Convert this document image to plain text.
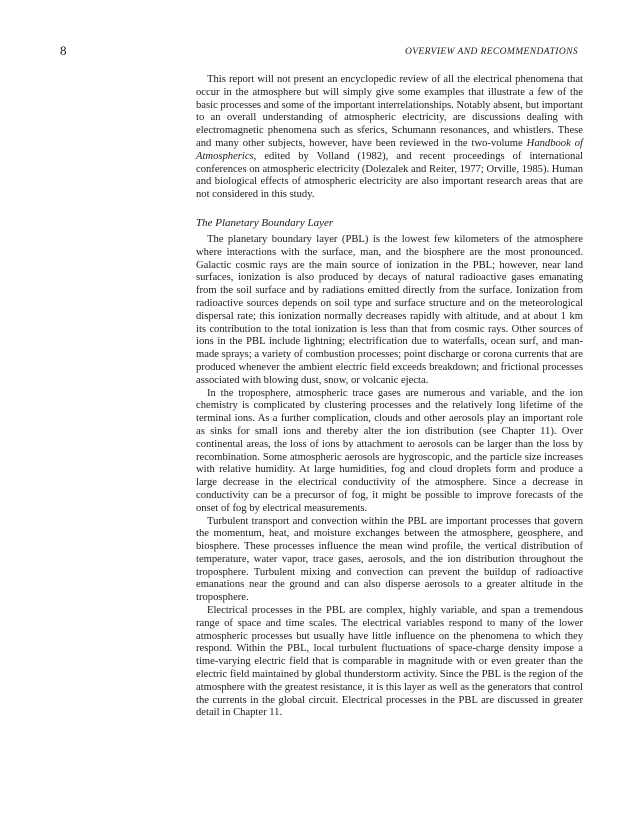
8	OVERVIEW AND RECOMMENDATIONS

This report will not present an encyclopedic review of all the electrical phenomena that occur in the atmosphere but will simply give some examples that illustrate a few of the basic processes and some of the important interrelationships. Notably absent, but important to an overall understanding of atmospheric electricity, are discussions dealing with electromagnetic phenomena such as sferics, Schumann resonances, and whistlers. These and many other subjects, however, have been reviewed in the two-volume Handbook of Atmospherics, edited by Volland (1982), and recent proceedings of international conferences on atmospheric electricity (Dolezalek and Reiter, 1977; Orville, 1985). Human and biological effects of atmospheric electricity are also important research areas that are not considered in this study.

The Planetary Boundary Layer

The planetary boundary layer (PBL) is the lowest few kilometers of the atmosphere where interactions with the surface, man, and the biosphere are the most pronounced. Galactic cosmic rays are the main source of ionization in the PBL; however, near land surfaces, ionization is also produced by decays of natural radioactive gases emanating from the soil surface and by radiations emitted directly from the surface. Ionization from radioactive sources depends on soil type and surface structure and on the meteorological dispersal rate; this ionization normally decreases rapidly with altitude, and at about 1 km its contribution to the total ionization is less than that from cosmic rays. Other sources of ions in the PBL include lightning; electrification due to waterfalls, ocean surf, and man-made sprays; a variety of combustion processes; point discharge or corona currents that are produced whenever the ambient electric field exceeds breakdown; and frictional processes associated with blowing dust, snow, or volcanic ejecta.

In the troposphere, atmospheric trace gases are numerous and variable, and the ion chemistry is complicated by clustering processes and the relatively long lifetime of the terminal ions. As a further complication, clouds and other aerosols play an important role as sinks for small ions and thereby alter the ion distribution (see Chapter 11). Over continental areas, the loss of ions by attachment to aerosols can be larger than the loss by recombination. Some atmospheric aerosols are hygroscopic, and the particle size increases with relative humidity. At large humidities, fog and cloud droplets form and produce a large decrease in the electrical conductivity of the atmosphere. Since a decrease in conductivity can be a precursor of fog, it might be possible to improve forecasts of the onset of fog by electrical measurements.

Turbulent transport and convection within the PBL are important processes that govern the momentum, heat, and moisture exchanges between the atmosphere, geosphere, and biosphere. These processes influence the mean wind profile, the vertical distribution of temperature, water vapor, trace gases, aerosols, and the ion distribution throughout the troposphere. Turbulent mixing and convection can prevent the buildup of radioactive emanations near the ground and can also disperse aerosols to a greater altitude in the troposphere.

Electrical processes in the PBL are complex, highly variable, and span a tremendous range of space and time scales. The electrical variables respond to many of the lower atmospheric processes but usually have little influence on the phenomena to which they respond. Within the PBL, local turbulent fluctuations of space-charge density impose a time-varying electric field that is comparable in magnitude with or even greater than the electric field maintained by global thunderstorm activity. Since the PBL is the region of the atmosphere with the greatest resistance, it is this layer as well as the generators that control the currents in the global circuit. Electrical processes in the PBL are discussed in greater detail in Chapter 11.
